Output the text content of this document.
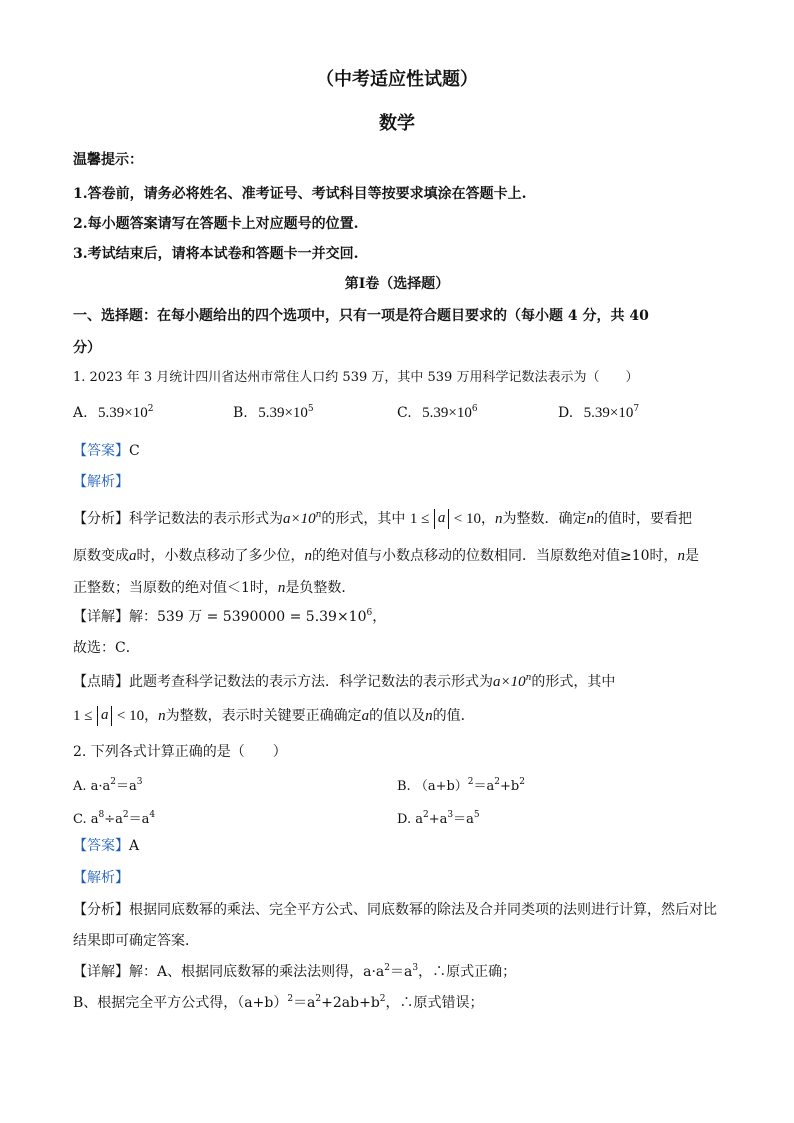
（中考适应性试题）
数学
温馨提示：
1.答卷前，请务必将姓名、准考证号、考试科目等按要求填涂在答题卡上.
2.每小题答案请写在答题卡上对应题号的位置.
3.考试结束后，请将本试卷和答题卡一并交回.
第Ⅰ卷（选择题）
一、选择题：在每小题给出的四个选项中，只有一项是符合题目要求的（每小题 4 分，共 40
分）
1. 2023 年 3 月统计四川省达州市常住人口约 539 万，其中 539 万用科学记数法表示为（　　）
A. $5.39\times 10^2$	B. $5.39\times 10^5$	C. $5.39\times 10^6$	D. $5.39\times 10^7$
【答案】C
【解析】
【分析】科学记数法的表示形式为$a\times 10^n$的形式，其中 1 ≤ a < 10，n为整数．确定n的值时，要看把
原数变成a时，小数点移动了多少位，n的绝对值与小数点移动的位数相同．当原数绝对值≥10时，n是
正整数；当原数的绝对值＜1时，n是负整数．
【详解】解：539 万 = $5390000 = 5.39\times 10^6$，
故选：C．
【点睛】此题考查科学记数法的表示方法．科学记数法的表示形式为$a\times 10^n$的形式，其中
1 ≤ a < 10，n为整数，表示时关键要正确确定a的值以及n的值．
2. 下列各式计算正确的是（　　）
A. $a\cdot a^2=a^3$	B. $(a+b)^2=a^2+b^2$
C. $a^8\div a^2=a^4$	D. $a^2+a^3=a^5$
【答案】A
【解析】
【分析】根据同底数幂的乘法、完全平方公式、同底数幂的除法及合并同类项的法则进行计算，然后对比
结果即可确定答案．
【详解】解：A、根据同底数幂的乘法法则得，$a\cdot a^2=a^3$，∴原式正确；
B、根据完全平方公式得，$(a+b)^2=a^2+2ab+b^2$，∴原式错误；
